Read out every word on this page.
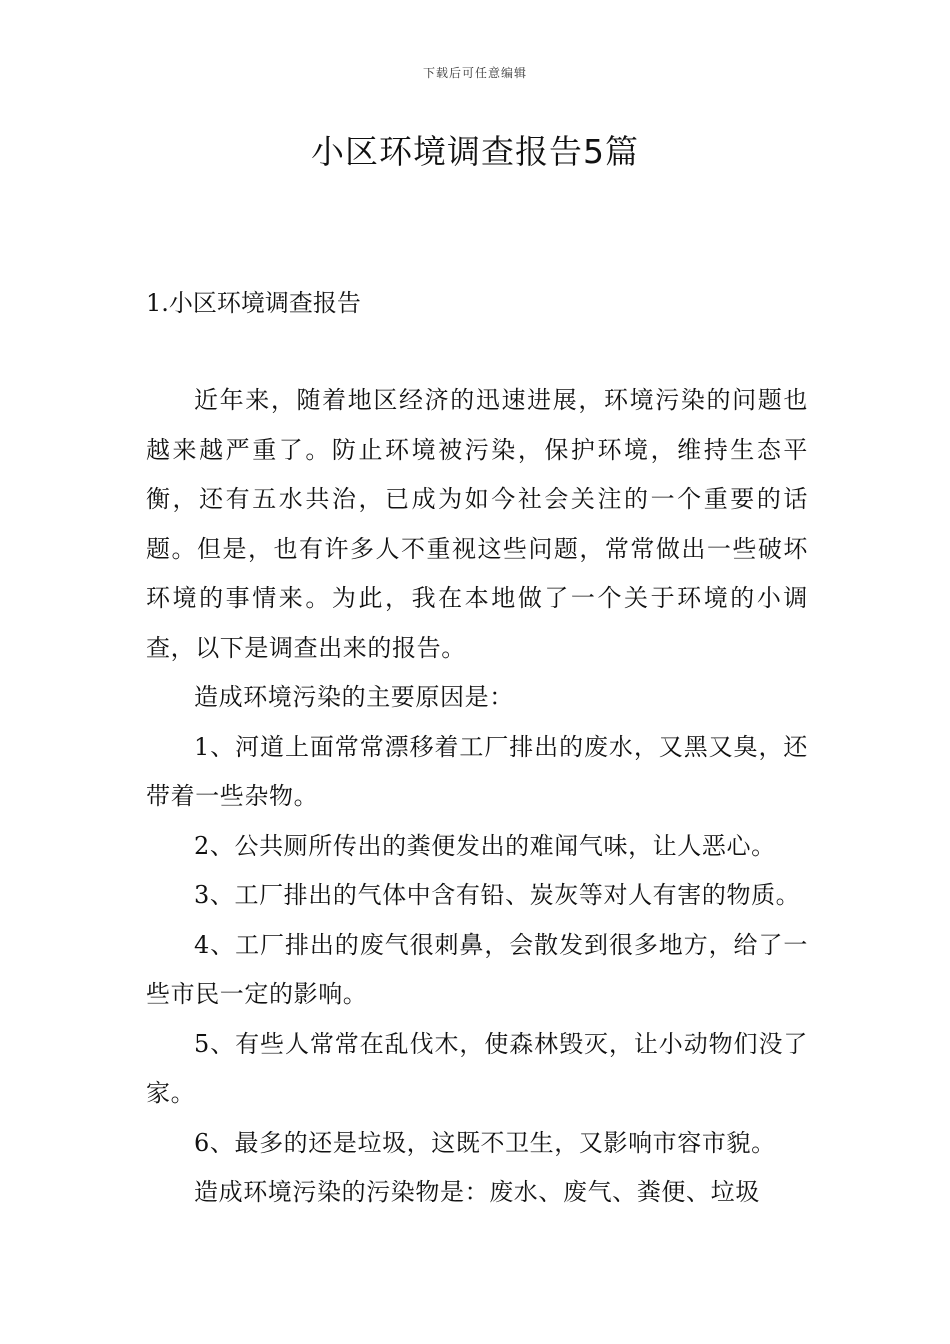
下载后可任意编辑
小区环境调查报告5篇
1.小区环境调查报告

近年来，随着地区经济的迅速进展，环境污染的问题也越来越严重了。防止环境被污染，保护环境，维持生态平衡，还有五水共治，已成为如今社会关注的一个重要的话题。但是，也有许多人不重视这些问题，常常做出一些破坏环境的事情来。为此，我在本地做了一个关于环境的小调查，以下是调查出来的报告。

造成环境污染的主要原因是：

1、河道上面常常漂移着工厂排出的废水，又黑又臭，还带着一些杂物。

2、公共厕所传出的粪便发出的难闻气味，让人恶心。

3、工厂排出的气体中含有铅、炭灰等对人有害的物质。

4、工厂排出的废气很刺鼻，会散发到很多地方，给了一些市民一定的影响。

5、有些人常常在乱伐木，使森林毁灭，让小动物们没了家。

6、最多的还是垃圾，这既不卫生，又影响市容市貌。

造成环境污染的污染物是：废水、废气、粪便、垃圾
